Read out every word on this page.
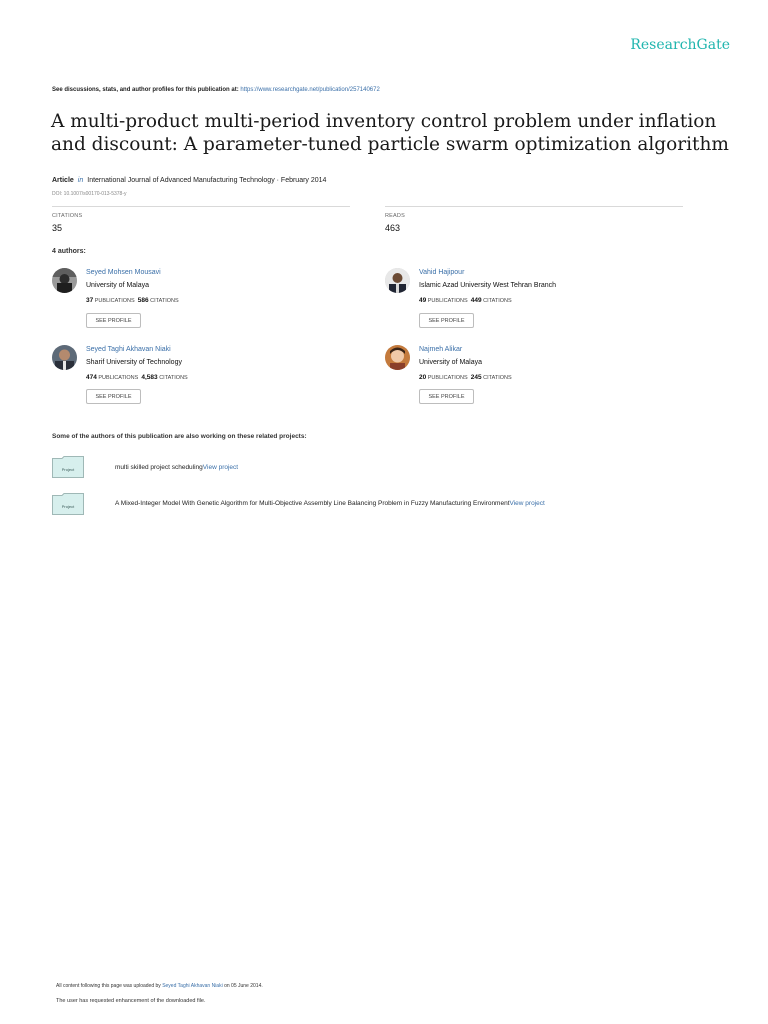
ResearchGate
See discussions, stats, and author profiles for this publication at: https://www.researchgate.net/publication/257140672
A multi-product multi-period inventory control problem under inflation and discount: A parameter-tuned particle swarm optimization algorithm
Article in International Journal of Advanced Manufacturing Technology · February 2014
DOI: 10.1007/s00170-013-5378-y
CITATIONS
35
READS
463
4 authors:
Seyed Mohsen Mousavi
University of Malaya
37 PUBLICATIONS 586 CITATIONS
SEE PROFILE
Vahid Hajipour
Islamic Azad University West Tehran Branch
49 PUBLICATIONS 449 CITATIONS
SEE PROFILE
Seyed Taghi Akhavan Niaki
Sharif University of Technology
474 PUBLICATIONS 4,583 CITATIONS
SEE PROFILE
Najmeh Alikar
University of Malaya
20 PUBLICATIONS 245 CITATIONS
SEE PROFILE
Some of the authors of this publication are also working on these related projects:
Project	multi skilled project schedulingView project
Project	A Mixed-Integer Model With Genetic Algorithm for Multi-Objective Assembly Line Balancing Problem in Fuzzy Manufacturing EnvironmentView project
All content following this page was uploaded by Seyed Taghi Akhavan Niaki on 05 June 2014.
The user has requested enhancement of the downloaded file.
